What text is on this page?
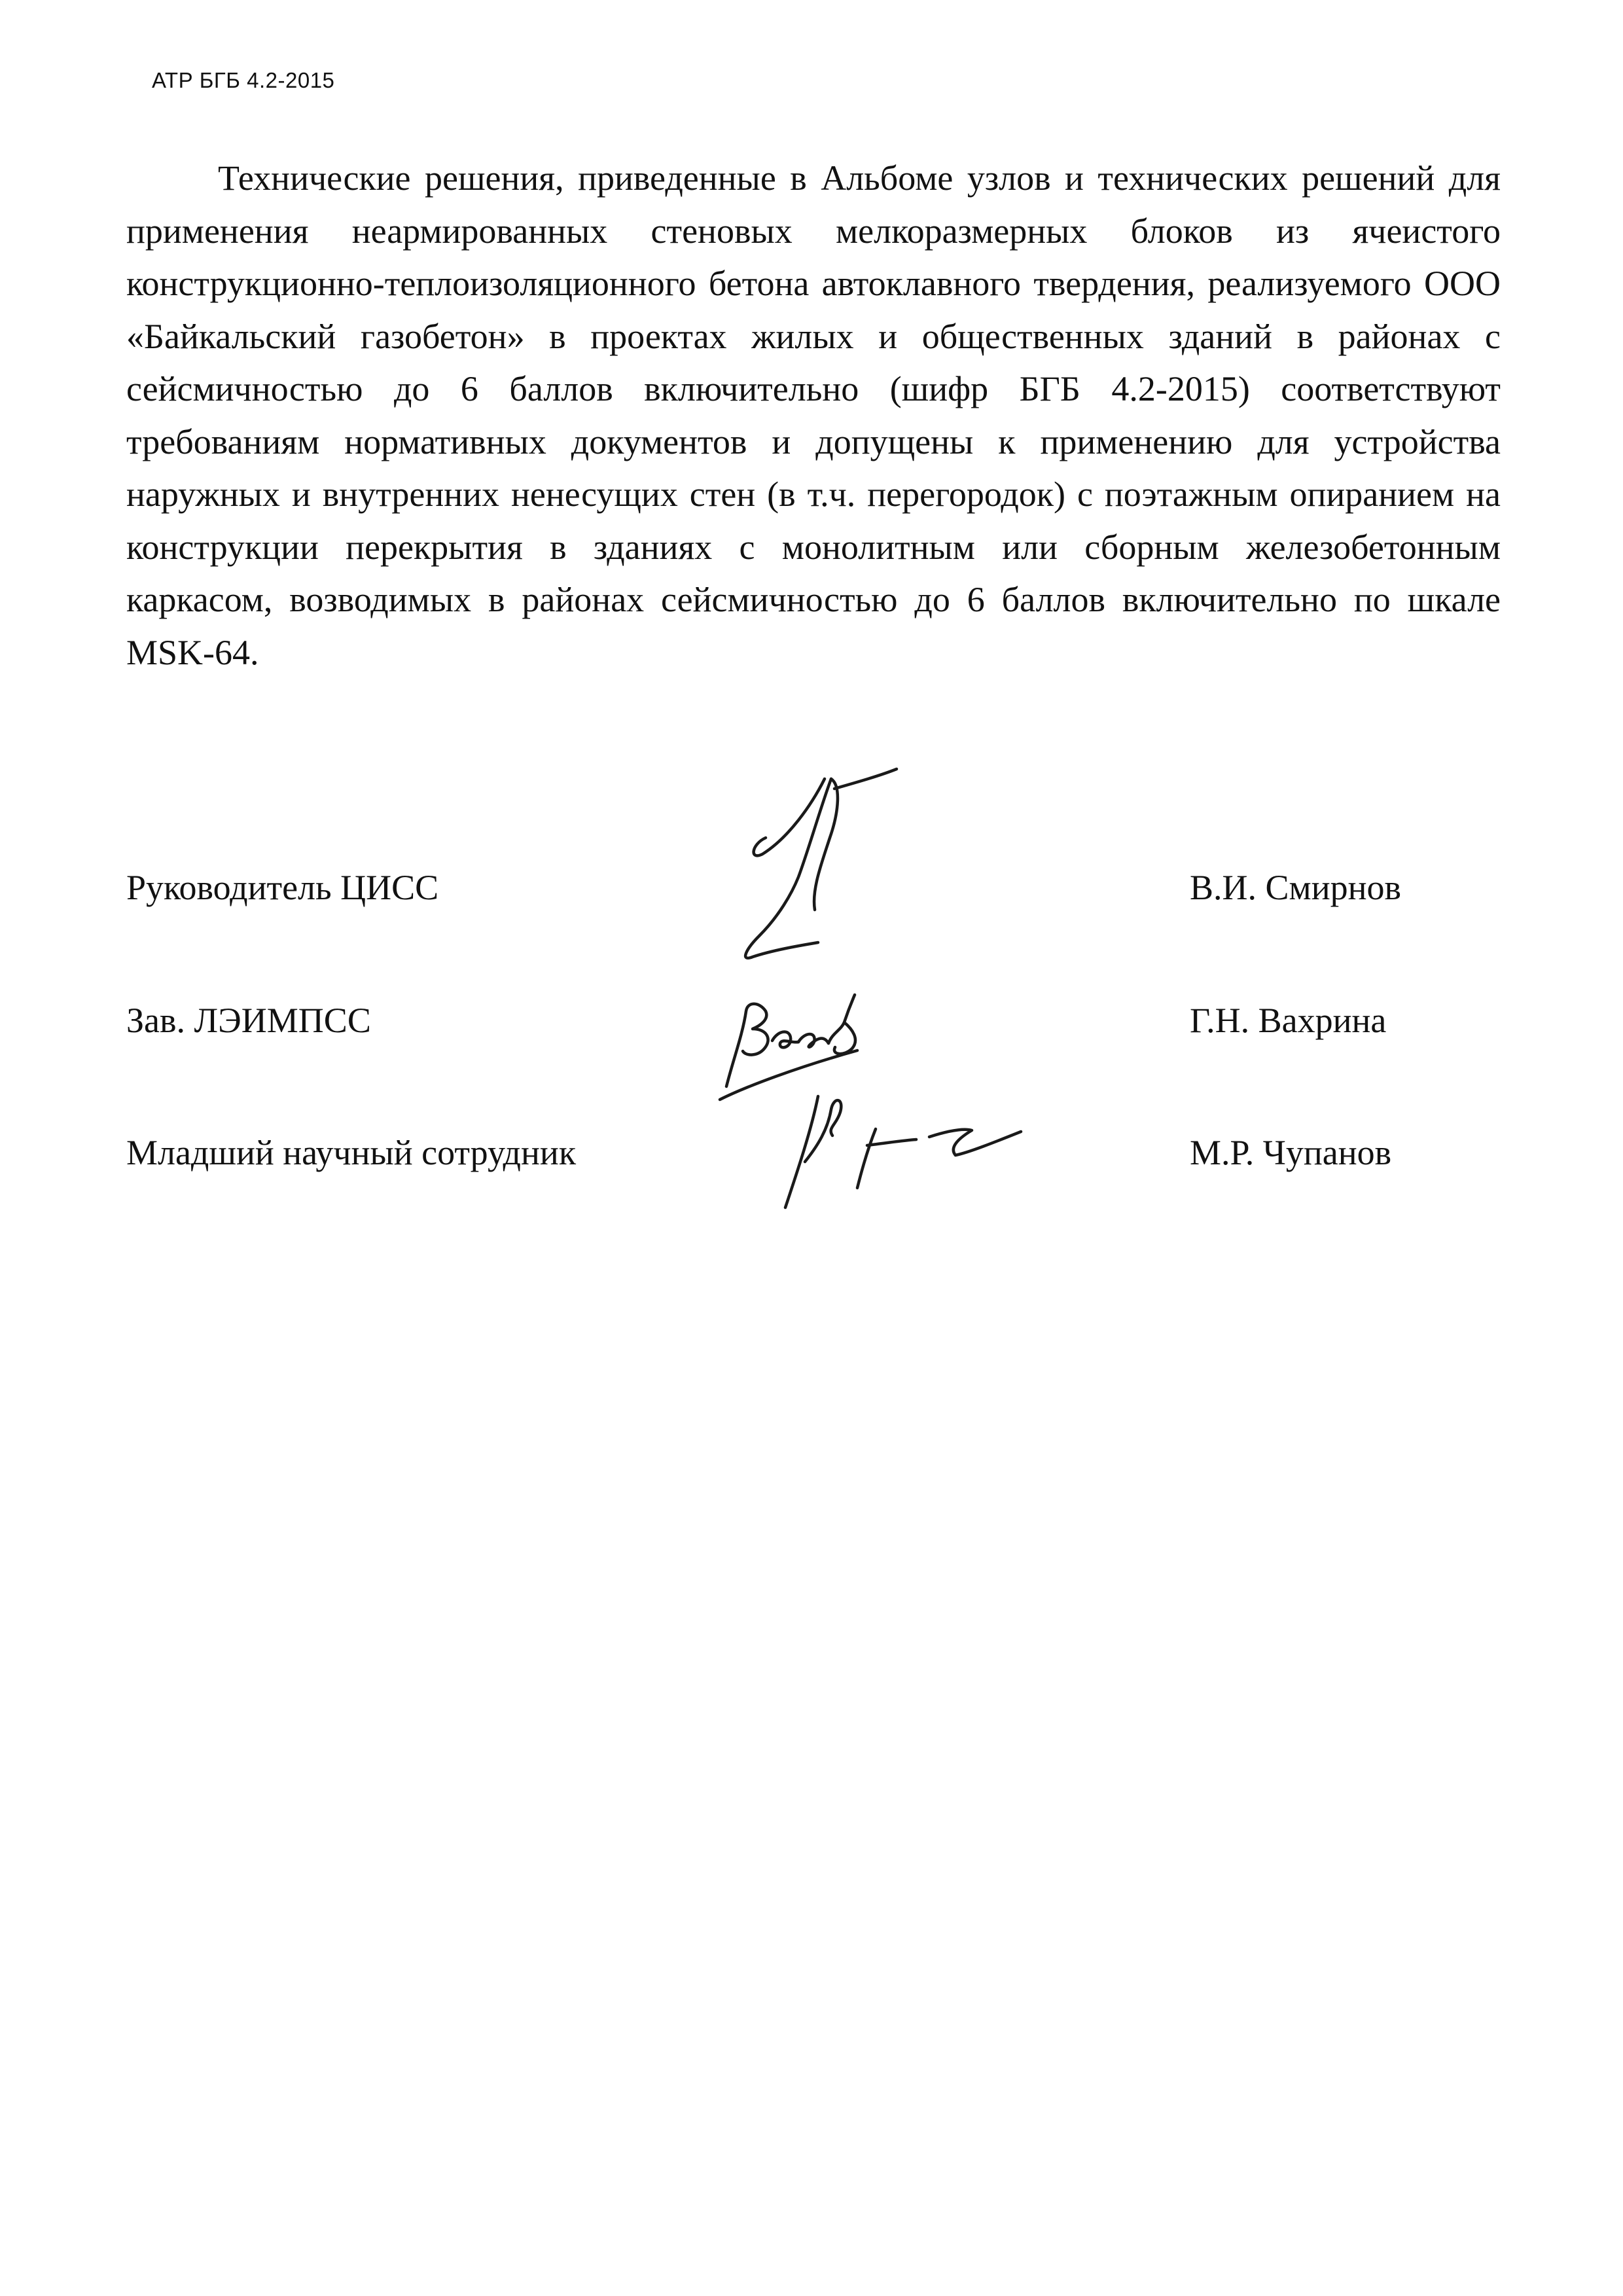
АТР БГБ 4.2-2015

Технические решения, приведенные в Альбоме узлов и технических решений для применения неармированных стеновых мелкоразмерных блоков из ячеистого конструкционно-теплоизоляционного бетона автоклавного твердения, реализуемого ООО «Байкальский газобетон» в проектах жилых и общественных зданий в районах с сейсмичностью до 6 баллов включительно (шифр БГБ 4.2-2015) соответствуют требованиям нормативных документов и допущены к применению для устройства наружных и внутренних ненесущих стен (в т.ч. перегородок) с поэтажным опиранием на конструкции перекрытия в зданиях с монолитным или сборным железобетонным каркасом, возводимых в районах сейсмичностью до 6 баллов включительно по шкале MSK-64.

Руководитель ЦИСС	В.И. Смирнов
Зав. ЛЭИМПСС	Г.Н. Вахрина
Младший научный сотрудник	М.Р. Чупанов
